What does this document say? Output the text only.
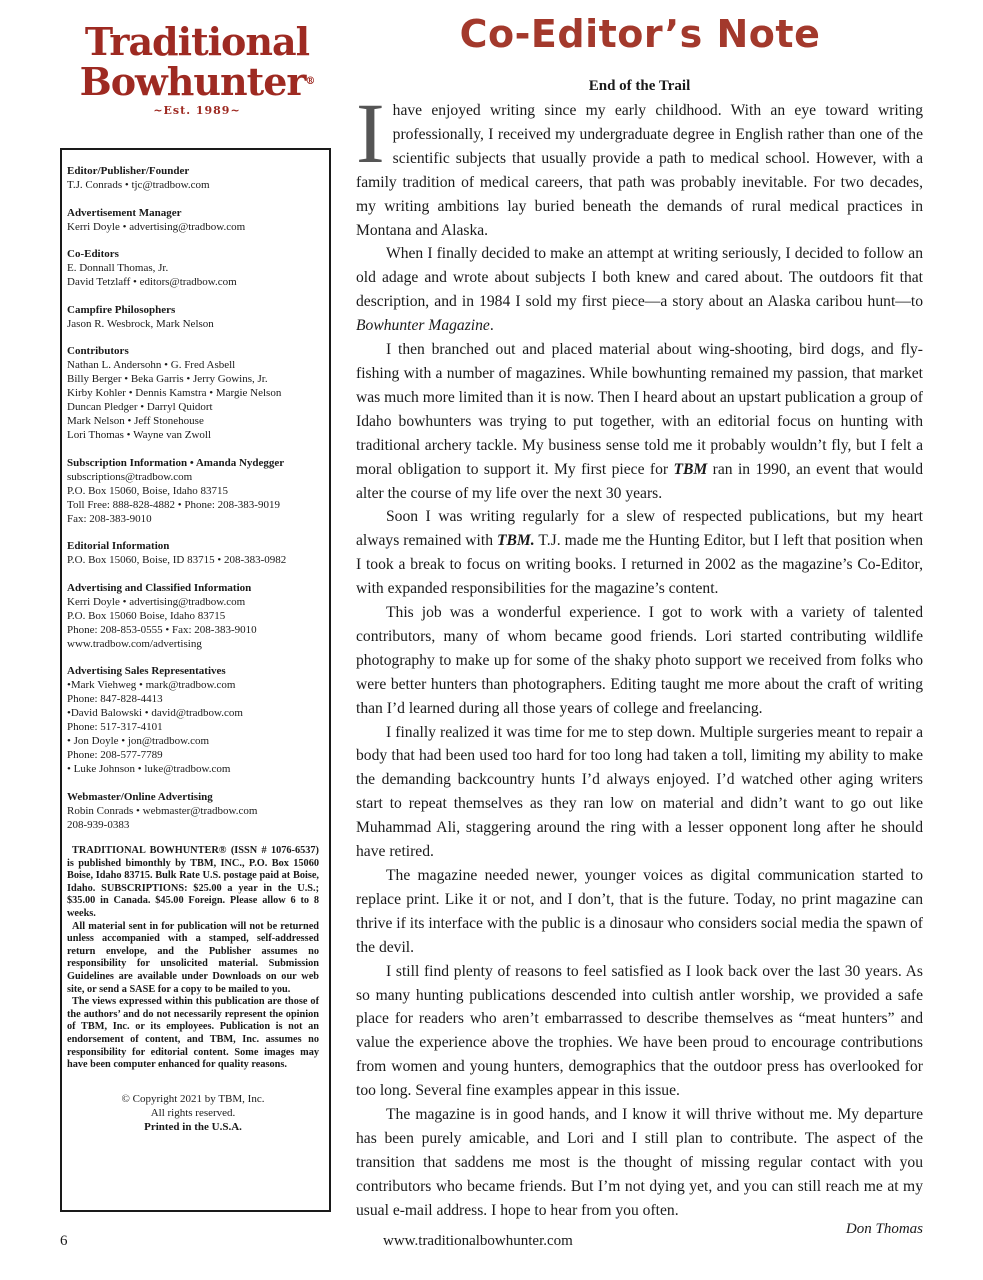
Traditional
Bowhunter®
~Est. 1989~
Editor/Publisher/Founder
T.J. Conrads • tjc@tradbow.com
Advertisement Manager
Kerri Doyle • advertising@tradbow.com
Co-Editors
E. Donnall Thomas, Jr.
David Tetzlaff • editors@tradbow.com
Campfire Philosophers
Jason R. Wesbrock, Mark Nelson
Contributors
Nathan L. Andersohn • G. Fred Asbell
Billy Berger • Beka Garris • Jerry Gowins, Jr.
Kirby Kohler • Dennis Kamstra • Margie Nelson
Duncan Pledger • Darryl Quidort
Mark Nelson • Jeff Stonehouse
Lori Thomas • Wayne van Zwoll
Subscription Information • Amanda Nydegger
subscriptions@tradbow.com
P.O. Box 15060, Boise, Idaho 83715
Toll Free: 888-828-4882 • Phone: 208-383-9019
Fax: 208-383-9010
Editorial Information
P.O. Box 15060, Boise, ID 83715 • 208-383-0982
Advertising and Classified Information
Kerri Doyle • advertising@tradbow.com
P.O. Box 15060 Boise, Idaho 83715
Phone: 208-853-0555 • Fax: 208-383-9010
www.tradbow.com/advertising
Advertising Sales Representatives
•Mark Viehweg • mark@tradbow.com
Phone: 847-828-4413
•David Balowski • david@tradbow.com
Phone: 517-317-4101
• Jon Doyle • jon@tradbow.com
Phone: 208-577-7789
• Luke Johnson • luke@tradbow.com
Webmaster/Online Advertising
Robin Conrads • webmaster@tradbow.com
208-939-0383

TRADITIONAL BOWHUNTER® (ISSN # 1076-6537) is published bimonthly by TBM, INC., P.O. Box 15060 Boise, Idaho 83715. Bulk Rate U.S. postage paid at Boise, Idaho. SUBSCRIPTIONS: $25.00 a year in the U.S.; $35.00 in Canada. $45.00 Foreign. Please allow 6 to 8 weeks.

All material sent in for publication will not be returned unless accompanied with a stamped, self-addressed return envelope, and the Publisher assumes no responsibility for unsolicited material. Submission Guidelines are available under Downloads on our web site, or send a SASE for a copy to be mailed to you.

The views expressed within this publication are those of the authors’ and do not necessarily represent the opinion of TBM, Inc. or its employees. Publication is not an endorsement of content, and TBM, Inc. assumes no responsibility for editorial content. Some images may have been computer enhanced for quality reasons.

© Copyright 2021 by TBM, Inc.
All rights reserved.
Printed in the U.S.A.
Co-Editor’s Note
End of the Trail

Ihave enjoyed writing since my early childhood. With an eye toward writing professionally, I received my undergraduate degree in English rather than one of the scientific subjects that usually provide a path to medical school. However, with a family tradition of medical careers, that path was probably inevitable. For two decades, my writing ambitions lay buried beneath the demands of rural medical practices in Montana and Alaska.

When I finally decided to make an attempt at writing seriously, I decided to follow an old adage and wrote about subjects I both knew and cared about. The outdoors fit that description, and in 1984 I sold my first piece—a story about an Alaska caribou hunt—to Bowhunter Magazine.

I then branched out and placed material about wing-shooting, bird dogs, and fly-fishing with a number of magazines. While bowhunting remained my passion, that market was much more limited than it is now. Then I heard about an upstart publication a group of Idaho bowhunters was trying to put together, with an editorial focus on hunting with traditional archery tackle. My business sense told me it probably wouldn’t fly, but I felt a moral obligation to support it. My first piece for TBM ran in 1990, an event that would alter the course of my life over the next 30 years.

Soon I was writing regularly for a slew of respected publications, but my heart always remained with TBM. T.J. made me the Hunting Editor, but I left that position when I took a break to focus on writing books. I returned in 2002 as the magazine’s Co-Editor, with expanded responsibilities for the magazine’s content.

This job was a wonderful experience. I got to work with a variety of talented contributors, many of whom became good friends. Lori started contributing wildlife photography to make up for some of the shaky photo support we received from folks who were better hunters than photographers. Editing taught me more about the craft of writing than I’d learned during all those years of college and freelancing.

I finally realized it was time for me to step down. Multiple surgeries meant to repair a body that had been used too hard for too long had taken a toll, limiting my ability to make the demanding backcountry hunts I’d always enjoyed. I’d watched other aging writers start to repeat themselves as they ran low on material and didn’t want to go out like Muhammad Ali, staggering around the ring with a lesser opponent long after he should have retired.

The magazine needed newer, younger voices as digital communication started to replace print. Like it or not, and I don’t, that is the future. Today, no print magazine can thrive if its interface with the public is a dinosaur who considers social media the spawn of the devil.

I still find plenty of reasons to feel satisfied as I look back over the last 30 years. As so many hunting publications descended into cultish antler worship, we provided a safe place for readers who aren’t embarrassed to describe themselves as “meat hunters” and value the experience above the trophies. We have been proud to encourage contributions from women and young hunters, demographics that the outdoor press has overlooked for too long. Several fine examples appear in this issue.

The magazine is in good hands, and I know it will thrive without me. My departure has been purely amicable, and Lori and I still plan to contribute. The aspect of the transition that saddens me most is the thought of missing regular contact with you contributors who became friends. But I’m not dying yet, and you can still reach me at my usual e-mail address. I hope to hear from you often.

Don Thomas
6	www.traditionalbowhunter.com
